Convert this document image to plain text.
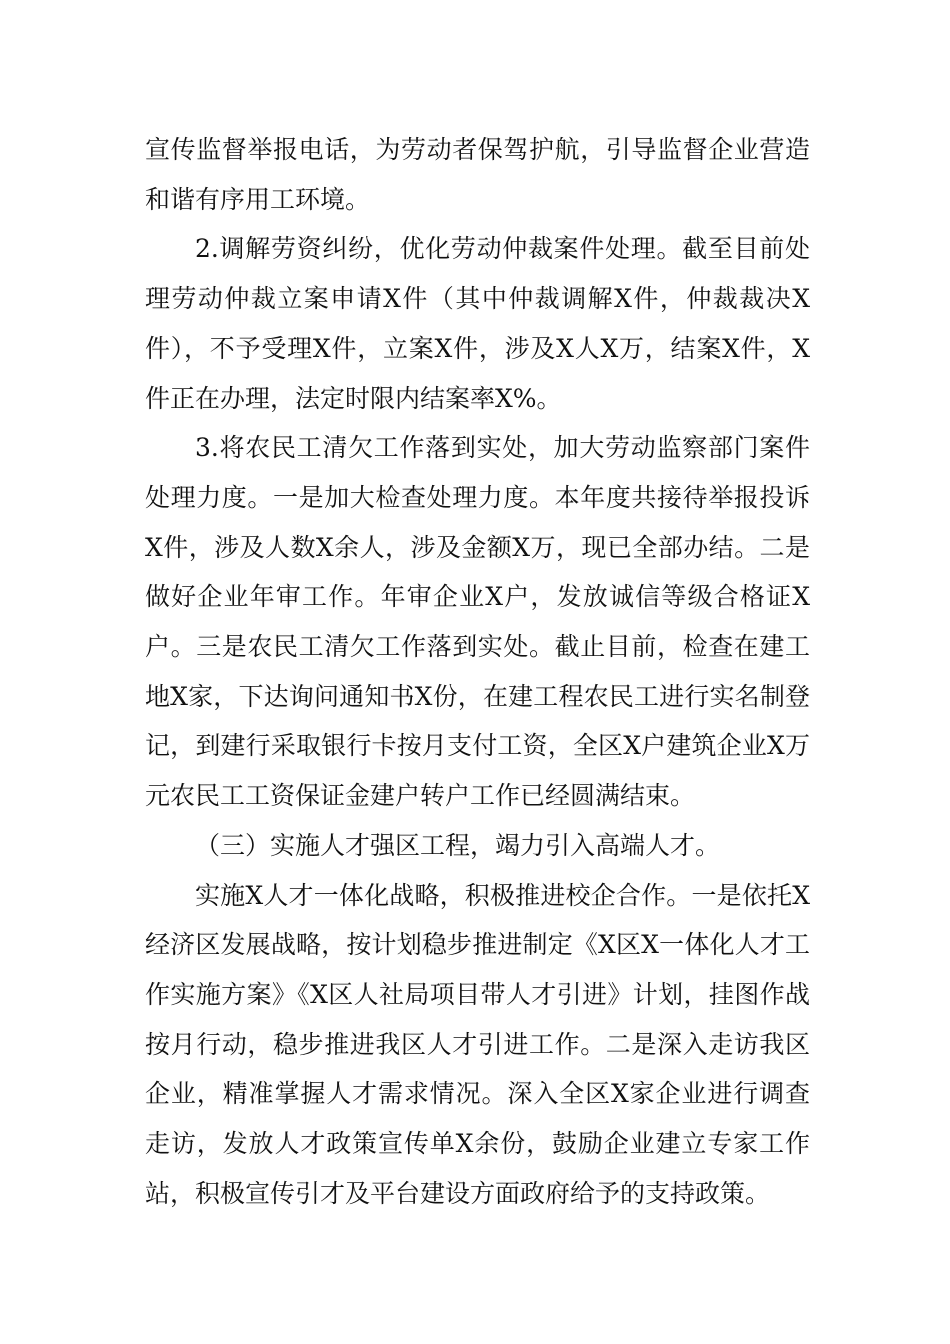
宣传监督举报电话，为劳动者保驾护航，引导监督企业营造和谐有序用工环境。

2.调解劳资纠纷，优化劳动仲裁案件处理。截至目前处理劳动仲裁立案申请X件（其中仲裁调解X件，仲裁裁决X件），不予受理X件，立案X件，涉及X人X万，结案X件，X件正在办理，法定时限内结案率X%。

3.将农民工清欠工作落到实处，加大劳动监察部门案件处理力度。一是加大检查处理力度。本年度共接待举报投诉X件，涉及人数X余人，涉及金额X万，现已全部办结。二是做好企业年审工作。年审企业X户，发放诚信等级合格证X户。三是农民工清欠工作落到实处。截止目前，检查在建工地X家，下达询问通知书X份，在建工程农民工进行实名制登记，到建行采取银行卡按月支付工资，全区X户建筑企业X万元农民工工资保证金建户转户工作已经圆满结束。

（三）实施人才强区工程，竭力引入高端人才。

实施X人才一体化战略，积极推进校企合作。一是依托X经济区发展战略，按计划稳步推进制定《X区X一体化人才工作实施方案》《X区人社局项目带人才引进》计划，挂图作战按月行动，稳步推进我区人才引进工作。二是深入走访我区企业，精准掌握人才需求情况。深入全区X家企业进行调查走访，发放人才政策宣传单X余份，鼓励企业建立专家工作站，积极宣传引才及平台建设方面政府给予的支持政策。
